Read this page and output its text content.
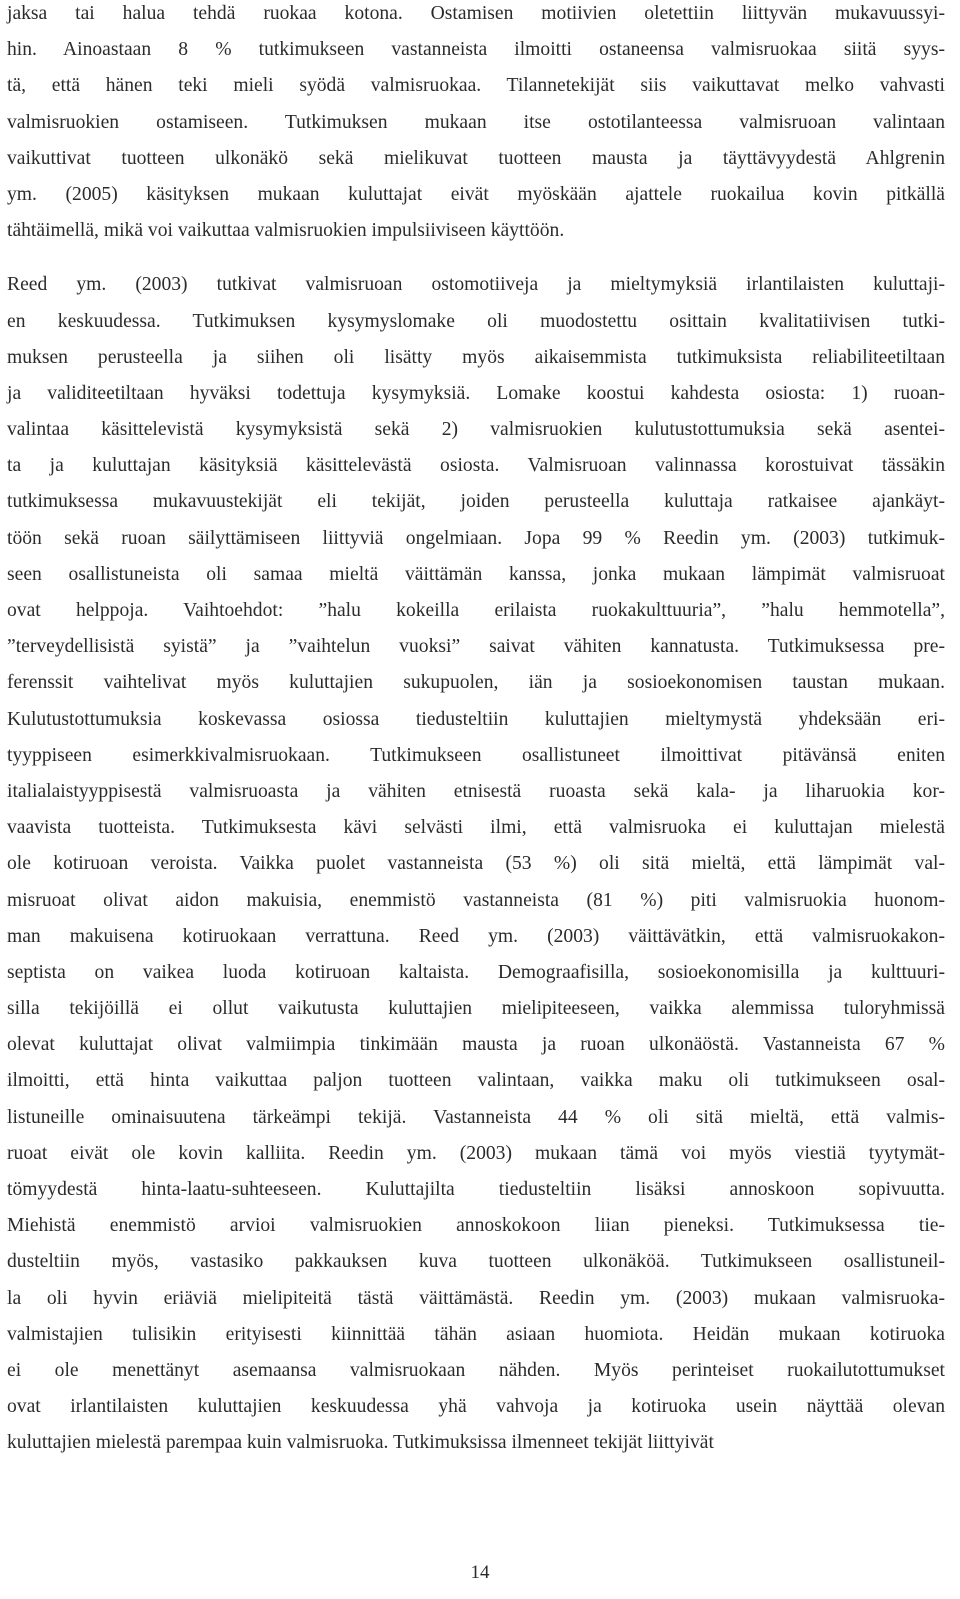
jaksa tai halua tehdä ruokaa kotona. Ostamisen motiivien oletettiin liittyvän mukavuussyi-
hin. Ainoastaan 8 % tutkimukseen vastanneista ilmoitti ostaneensa valmisruokaa siitä syys-
tä, että hänen teki mieli syödä valmisruokaa. Tilannetekijät siis vaikuttavat melko vahvasti
valmisruokien ostamiseen. Tutkimuksen mukaan itse ostotilanteessa valmisruoan valintaan
vaikuttivat tuotteen ulkonäkö sekä mielikuvat tuotteen mausta ja täyttävyydestä Ahlgrenin
ym. (2005) käsityksen mukaan kuluttajat eivät myöskään ajattele ruokailua kovin pitkällä
tähtäimellä, mikä voi vaikuttaa valmisruokien impulsiiviseen käyttöön.
Reed ym. (2003) tutkivat valmisruoan ostomotiiveja ja mieltymyksiä irlantilaisten kuluttaji-
en keskuudessa. Tutkimuksen kysymyslomake oli muodostettu osittain kvalitatiivisen tutki-
muksen perusteella ja siihen oli lisätty myös aikaisemmista tutkimuksista reliabiliteetiltaan
ja validiteetiltaan hyväksi todettuja kysymyksiä. Lomake koostui kahdesta osiosta: 1) ruoan-
valintaa käsittelevistä kysymyksistä sekä 2) valmisruokien kulutustottumuksia sekä asentei-
ta ja kuluttajan käsityksiä käsittelevästä osiosta. Valmisruoan valinnassa korostuivat tässäkin
tutkimuksessa mukavuustekijät eli tekijät, joiden perusteella kuluttaja ratkaisee ajankäyt-
töön sekä ruoan säilyttämiseen liittyviä ongelmiaan. Jopa 99 % Reedin ym. (2003) tutkimuk-
seen osallistuneista oli samaa mieltä väittämän kanssa, jonka mukaan lämpimät valmisruoat
ovat helppoja. Vaihtoehdot: ”halu kokeilla erilaista ruokakulttuuria”, ”halu hemmotella”,
”terveydellisistä syistä” ja ”vaihtelun vuoksi” saivat vähiten kannatusta. Tutkimuksessa pre-
ferenssit vaihtelivat myös kuluttajien sukupuolen, iän ja sosioekonomisen taustan mukaan.
Kulutustottumuksia koskevassa osiossa tiedusteltiin kuluttajien mieltymystä yhdeksään eri-
tyyppiseen esimerkkivalmisruokaan. Tutkimukseen osallistuneet ilmoittivat pitävänsä eniten
italialaistyyppisestä valmisruoasta ja vähiten etnisestä ruoasta sekä kala- ja liharuokia kor-
vaavista tuotteista. Tutkimuksesta kävi selvästi ilmi, että valmisruoka ei kuluttajan mielestä
ole kotiruoan veroista. Vaikka puolet vastanneista (53 %) oli sitä mieltä, että lämpimät val-
misruoat olivat aidon makuisia, enemmistö vastanneista (81 %) piti valmisruokia huonom-
man makuisena kotiruokaan verrattuna. Reed ym. (2003) väittävätkin, että valmisruokakon-
septista on vaikea luoda kotiruoan kaltaista. Demograafisilla, sosioekonomisilla ja kulttuuri-
silla tekijöillä ei ollut vaikutusta kuluttajien mielipiteeseen, vaikka alemmissa tuloryhmissä
olevat kuluttajat olivat valmiimpia tinkimään mausta ja ruoan ulkonäöstä. Vastanneista 67 %
ilmoitti, että hinta vaikuttaa paljon tuotteen valintaan, vaikka maku oli tutkimukseen osal-
listuneille ominaisuutena tärkeämpi tekijä. Vastanneista 44 % oli sitä mieltä, että valmis-
ruoat eivät ole kovin kalliita. Reedin ym. (2003) mukaan tämä voi myös viestiä tyytymät-
tömyydestä hinta-laatu-suhteeseen. Kuluttajilta tiedusteltiin lisäksi annoskoon sopivuutta.
Miehistä enemmistö arvioi valmisruokien annoskokoon liian pieneksi. Tutkimuksessa tie-
dusteltiin myös, vastasiko pakkauksen kuva tuotteen ulkonäköä. Tutkimukseen osallistuneil-
la oli hyvin eriäviä mielipiteitä tästä väittämästä. Reedin ym. (2003) mukaan valmisruoka-
valmistajien tulisikin erityisesti kiinnittää tähän asiaan huomiota. Heidän mukaan kotiruoka
ei ole menettänyt asemaansa valmisruokaan nähden. Myös perinteiset ruokailutottumukset
ovat irlantilaisten kuluttajien keskuudessa yhä vahvoja ja kotiruoka usein näyttää olevan
kuluttajien mielestä parempaa kuin valmisruoka. Tutkimuksissa ilmenneet tekijät liittyivät
14
